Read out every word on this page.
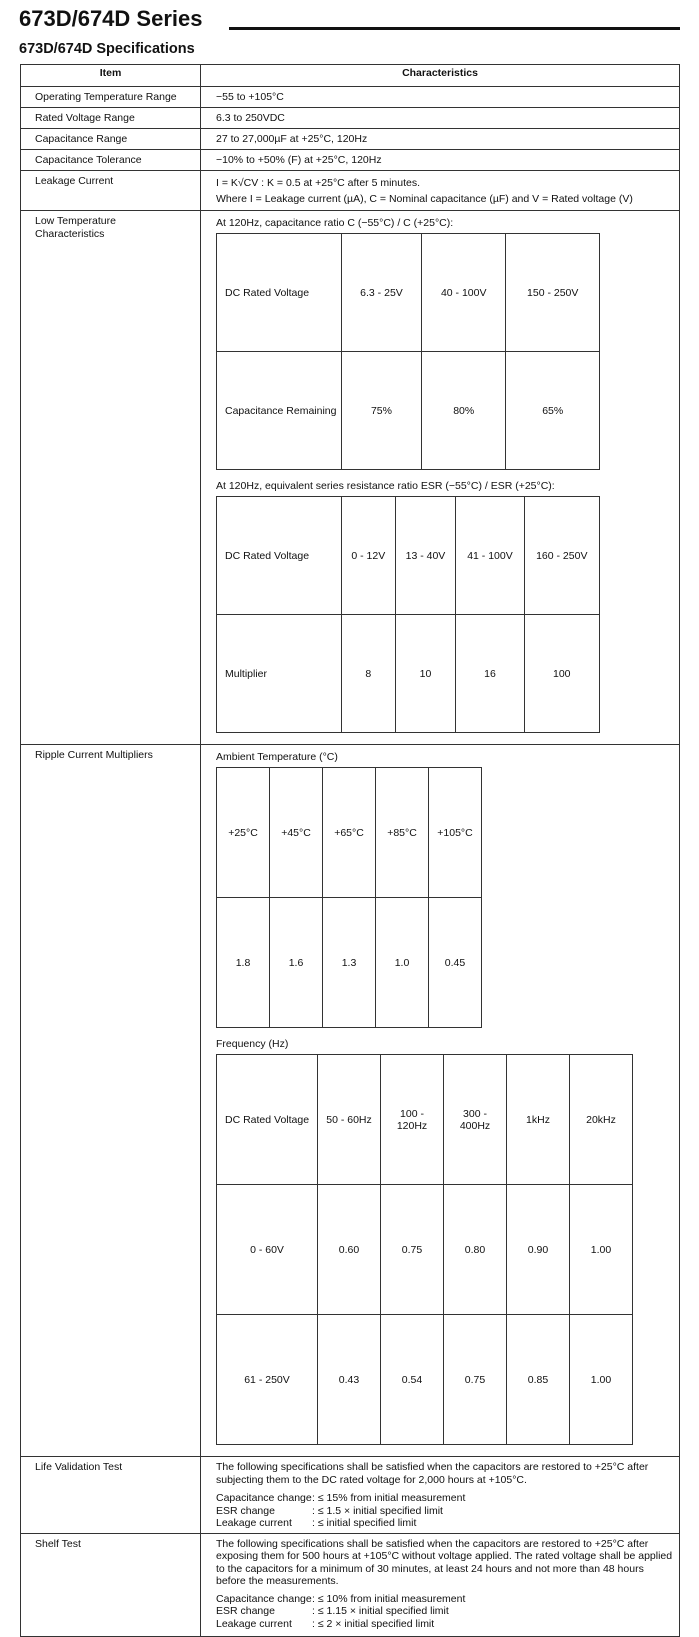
673D/674D Series
673D/674D Specifications
Item	Characteristics
Operating Temperature Range	−55 to +105°C
Rated Voltage Range	6.3 to 250VDC
Capacitance Range	27 to 27,000µF at +25°C, 120Hz
Capacitance Tolerance	−10% to +50% (F) at +25°C, 120Hz
Leakage Current	I = K√CV : K = 0.5 at +25°C after 5 minutes.
Where I = Leakage current (µA), C = Nominal capacitance (µF) and V = Rated voltage (V)

Low Temperature
Characteristics

At 120Hz, capacitance ratio C (−55°C) / C (+25°C):
DC Rated Voltage	6.3 - 25V	40 - 100V	150 - 250V
Capacitance Remaining	75%	80%	65%
At 120Hz, equivalent series resistance ratio ESR (−55°C) / ESR (+25°C):
DC Rated Voltage	0 - 12V	13 - 40V	41 - 100V	160 - 250V
Multiplier	8	10	16	100

Ripple Current Multipliers	Ambient Temperature (°C)
+25°C	+45°C	+65°C	+85°C	+105°C
1.8	1.6	1.3	1.0	0.45
Frequency (Hz)
DC Rated Voltage	50 - 60Hz	100 - 120Hz	300 - 400Hz	1kHz	20kHz
0 - 60V	0.60	0.75	0.80	0.90	1.00
61 - 250V	0.43	0.54	0.75	0.85	1.00

Life Validation Test	The following specifications shall be satisfied when the capacitors are restored to +25°C after subjecting them to the DC rated voltage for 2,000 hours at +105°C.
Capacitance change: ≤ 15% from initial measurement
ESR change	: ≤ 1.5 × initial specified limit
Leakage current : ≤ initial specified limit

Shelf Test	The following specifications shall be satisfied when the capacitors are restored to +25°C after exposing them for 500 hours at +105°C without voltage applied. The rated voltage shall be applied to the capacitors for a minimum of 30 minutes, at least 24 hours and not more than 48 hours before the measurements.
Capacitance change: ≤ 10% from initial measurement
ESR change	: ≤ 1.15 × initial specified limit
Leakage current : ≤ 2 × initial specified limit
